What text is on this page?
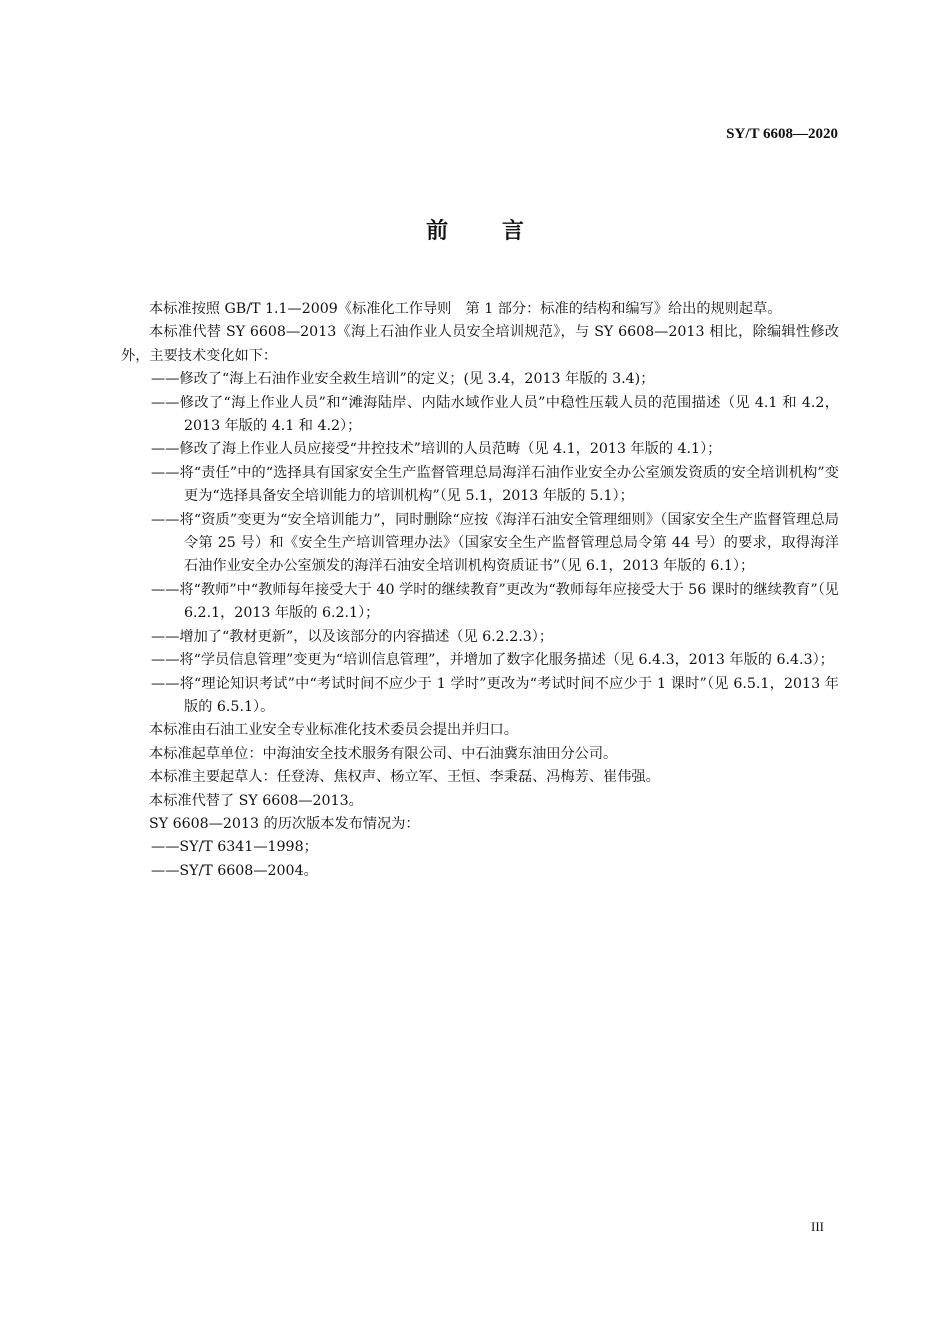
SY/T 6608—2020
前 言
本标准按照 GB/T 1.1—2009《标准化工作导则　第 1 部分：标准的结构和编写》给出的规则起草。
本标准代替 SY 6608—2013《海上石油作业人员安全培训规范》，与 SY 6608—2013 相比，除编辑性修改外，主要技术变化如下：
——修改了“海上石油作业安全救生培训”的定义；(见 3.4，2013 年版的 3.4)；
——修改了“海上作业人员”和“滩海陆岸、内陆水域作业人员”中稳性压载人员的范围描述（见 4.1 和 4.2，2013 年版的 4.1 和 4.2）；
——修改了海上作业人员应接受“井控技术”培训的人员范畴（见 4.1，2013 年版的 4.1）；
——将“责任”中的“选择具有国家安全生产监督管理总局海洋石油作业安全办公室颁发资质的安全培训机构”变更为“选择具备安全培训能力的培训机构”（见 5.1，2013 年版的 5.1）；
——将“资质”变更为“安全培训能力”，同时删除“应按《海洋石油安全管理细则》（国家安全生产监督管理总局令第 25 号）和《安全生产培训管理办法》（国家安全生产监督管理总局令第 44 号）的要求，取得海洋石油作业安全办公室颁发的海洋石油安全培训机构资质证书”（见 6.1，2013 年版的 6.1）；
——将“教师”中“教师每年接受大于 40 学时的继续教育”更改为“教师每年应接受大于 56 课时的继续教育”（见 6.2.1，2013 年版的 6.2.1）；
——增加了“教材更新”，以及该部分的内容描述（见 6.2.2.3）；
——将“学员信息管理”变更为“培训信息管理”，并增加了数字化服务描述（见 6.4.3，2013 年版的 6.4.3）；
——将“理论知识考试”中“考试时间不应少于 1 学时”更改为“考试时间不应少于 1 课时”（见 6.5.1，2013 年版的 6.5.1）。
本标准由石油工业安全专业标准化技术委员会提出并归口。
本标准起草单位：中海油安全技术服务有限公司、中石油冀东油田分公司。
本标准主要起草人：任登涛、焦权声、杨立军、王恒、李秉磊、冯梅芳、崔伟强。
本标准代替了 SY 6608—2013。
SY 6608—2013 的历次版本发布情况为：
——SY/T 6341—1998；
——SY/T 6608—2004。
III
